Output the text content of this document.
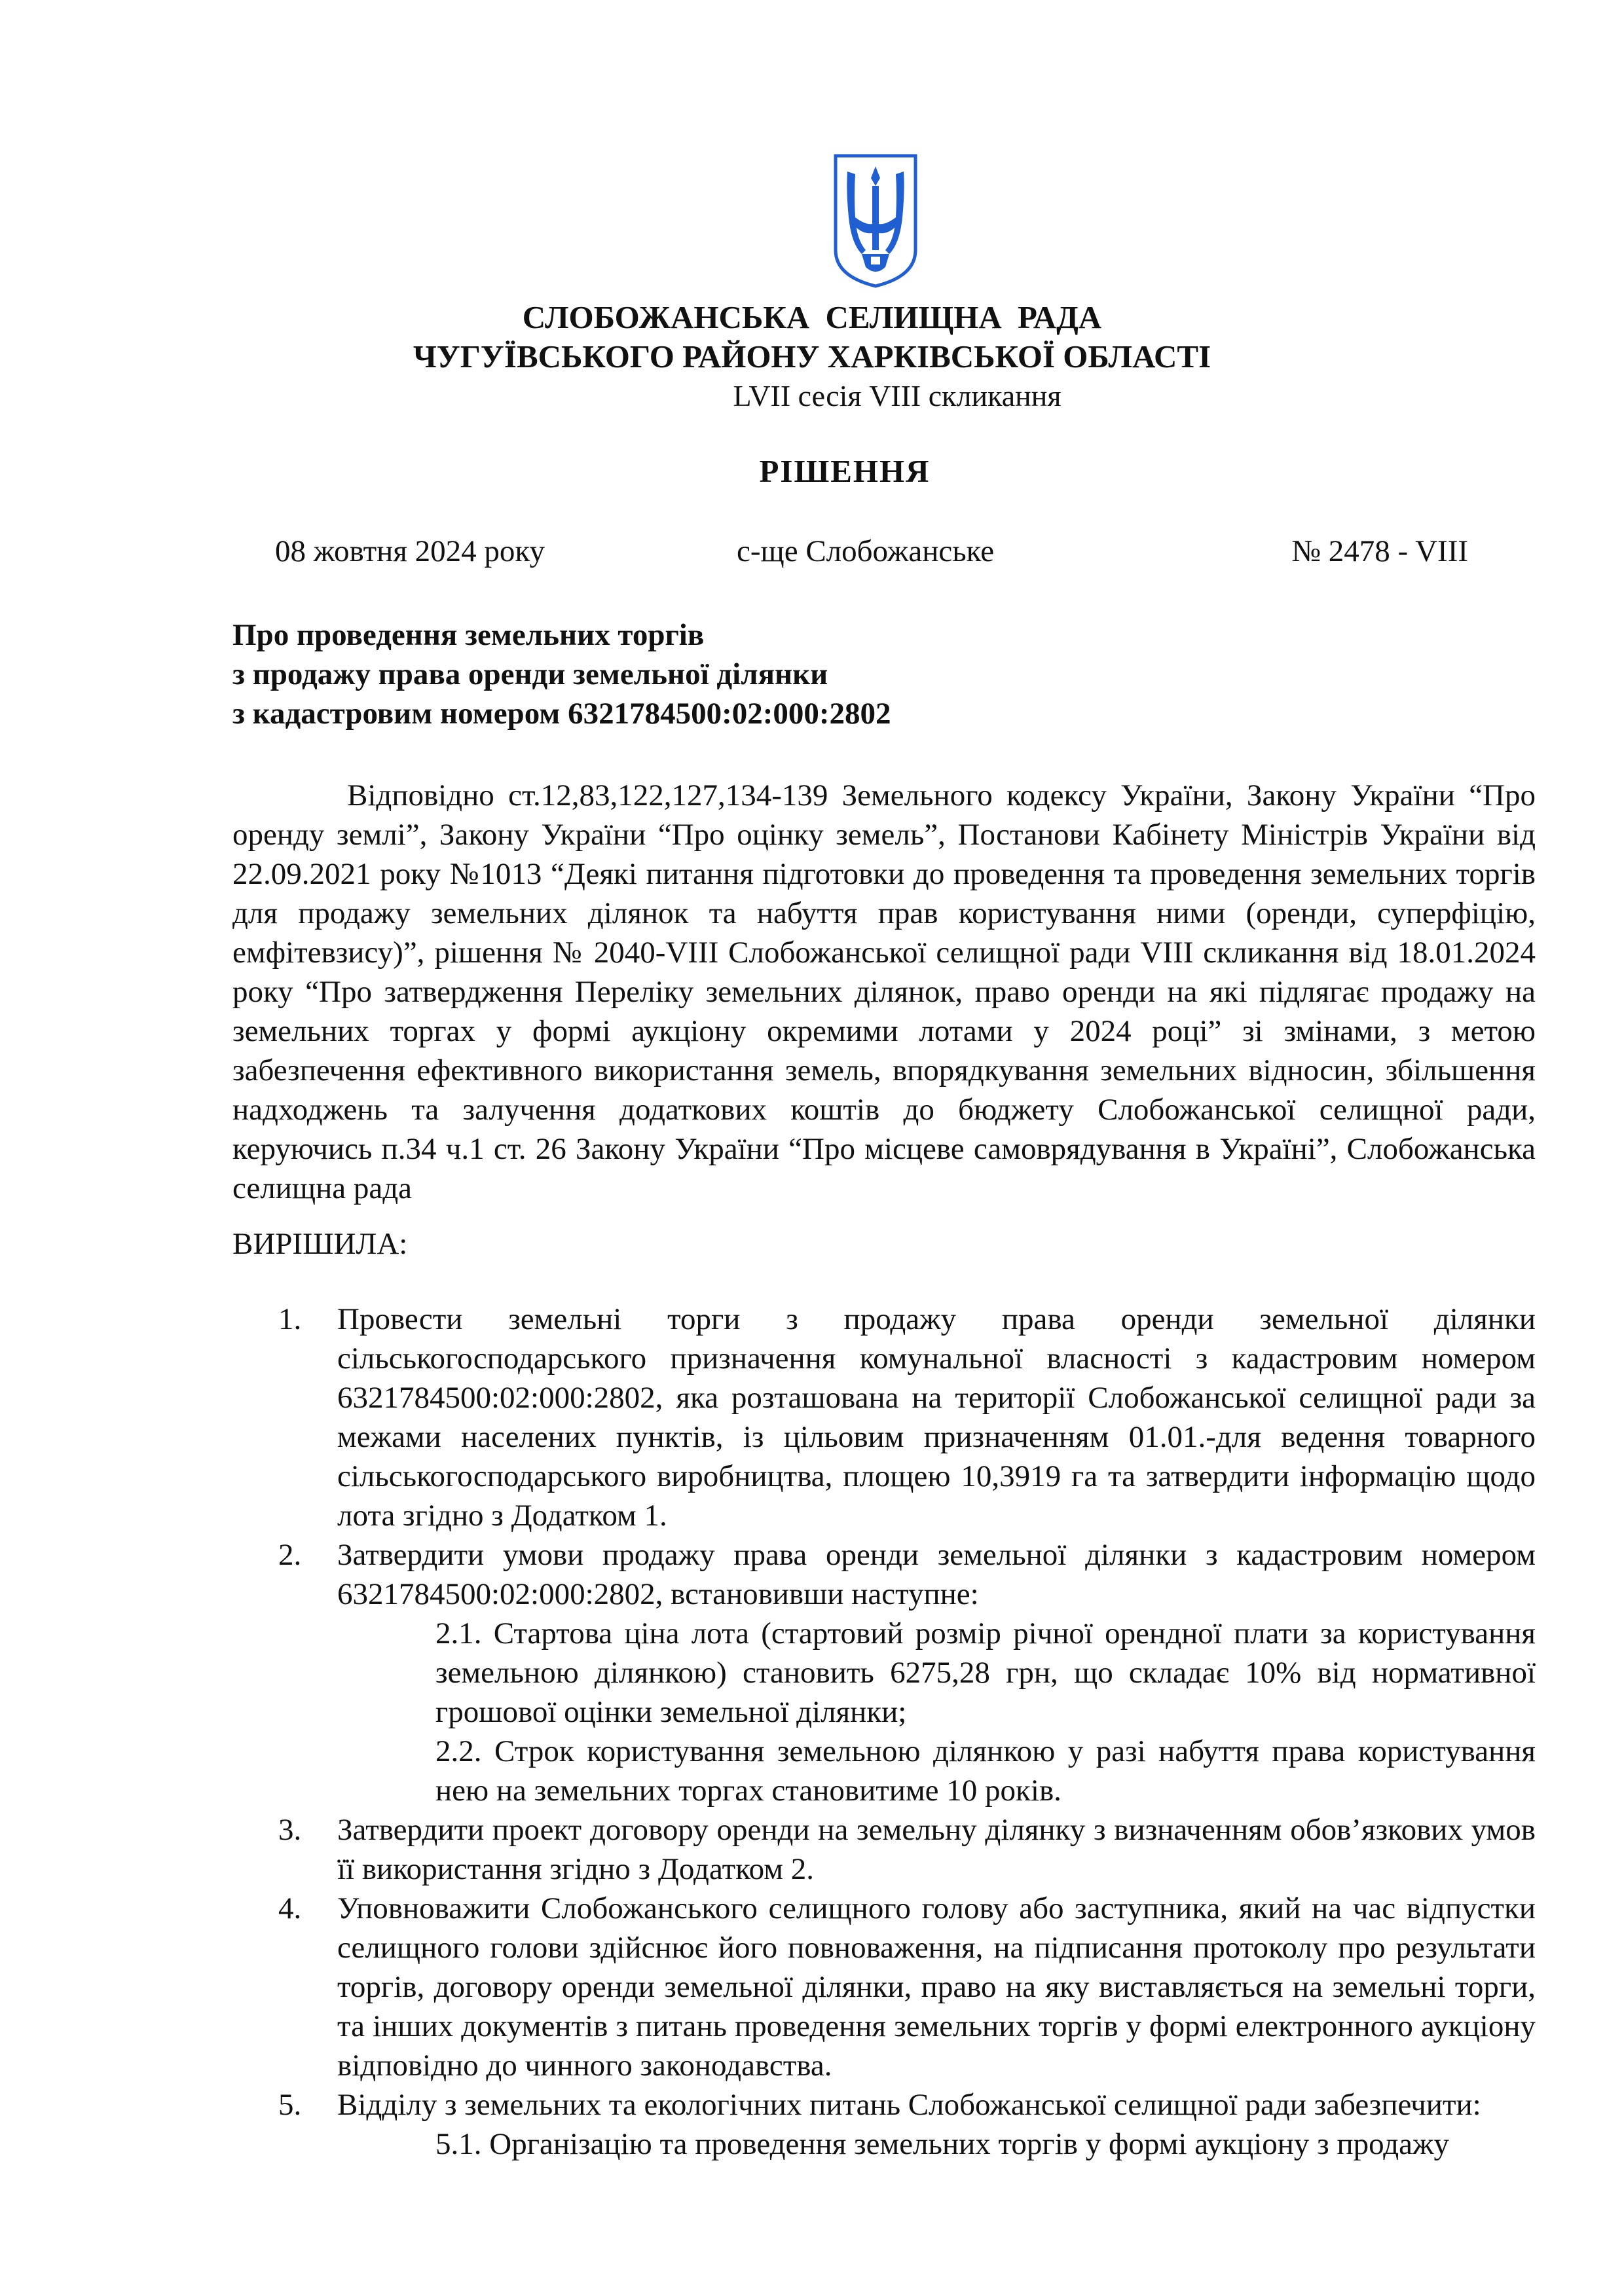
СЛОБОЖАНСЬКА СЕЛИЩНА РАДА
ЧУГУЇВСЬКОГО РАЙОНУ ХАРКІВСЬКОЇ ОБЛАСТІ
LVII сесія VIII скликання
РІШЕННЯ
08 жовтня 2024 року	с-ще Слобожанське	№ 2478 - VIII
Про проведення земельних торгів
з продажу права оренди земельної ділянки
з кадастровим номером 6321784500:02:000:2802
Відповідно ст.12,83,122,127,134-139 Земельного кодексу України, Закону України “Про оренду землі”, Закону України “Про оцінку земель”, Постанови Кабінету Міністрів України від 22.09.2021 року №1013 “Деякі питання підготовки до проведення та проведення земельних торгів для продажу земельних ділянок та набуття прав користування ними (оренди, суперфіцію, емфітевзису)”, рішення № 2040-VIII Слобожанської селищної ради VIII скликання від 18.01.2024 року “Про затвердження Переліку земельних ділянок, право оренди на які підлягає продажу на земельних торгах у формі аукціону окремими лотами у 2024 році” зі змінами, з метою забезпечення ефективного використання земель, впорядкування земельних відносин, збільшення надходжень та залучення додаткових коштів до бюджету Слобожанської селищної ради, керуючись п.34 ч.1 ст. 26 Закону України “Про місцеве самоврядування в Україні”, Слобожанська селищна рада
ВИРІШИЛА:
1. Провести земельні торги з продажу права оренди земельної ділянки сільськогосподарського призначення комунальної власності з кадастровим номером 6321784500:02:000:2802, яка розташована на території Слобожанської селищної ради за межами населених пунктів, із цільовим призначенням 01.01.-для ведення товарного сільськогосподарського виробництва, площею 10,3919 га та затвердити інформацію щодо лота згідно з Додатком 1.
2. Затвердити умови продажу права оренди земельної ділянки з кадастровим номером 6321784500:02:000:2802, встановивши наступне:
2.1. Стартова ціна лота (стартовий розмір річної орендної плати за користування земельною ділянкою) становить 6275,28 грн, що складає 10% від нормативної грошової оцінки земельної ділянки;
2.2. Строк користування земельною ділянкою у разі набуття права користування нею на земельних торгах становитиме 10 років.
3. Затвердити проект договору оренди на земельну ділянку з визначенням обов’язкових умов її використання згідно з Додатком 2.
4. Уповноважити Слобожанського селищного голову або заступника, який на час відпустки селищного голови здійснює його повноваження, на підписання протоколу про результати торгів, договору оренди земельної ділянки, право на яку виставляється на земельні торги, та інших документів з питань проведення земельних торгів у формі електронного аукціону відповідно до чинного законодавства.
5. Відділу з земельних та екологічних питань Слобожанської селищної ради забезпечити:
5.1. Організацію та проведення земельних торгів у формі аукціону з продажу
